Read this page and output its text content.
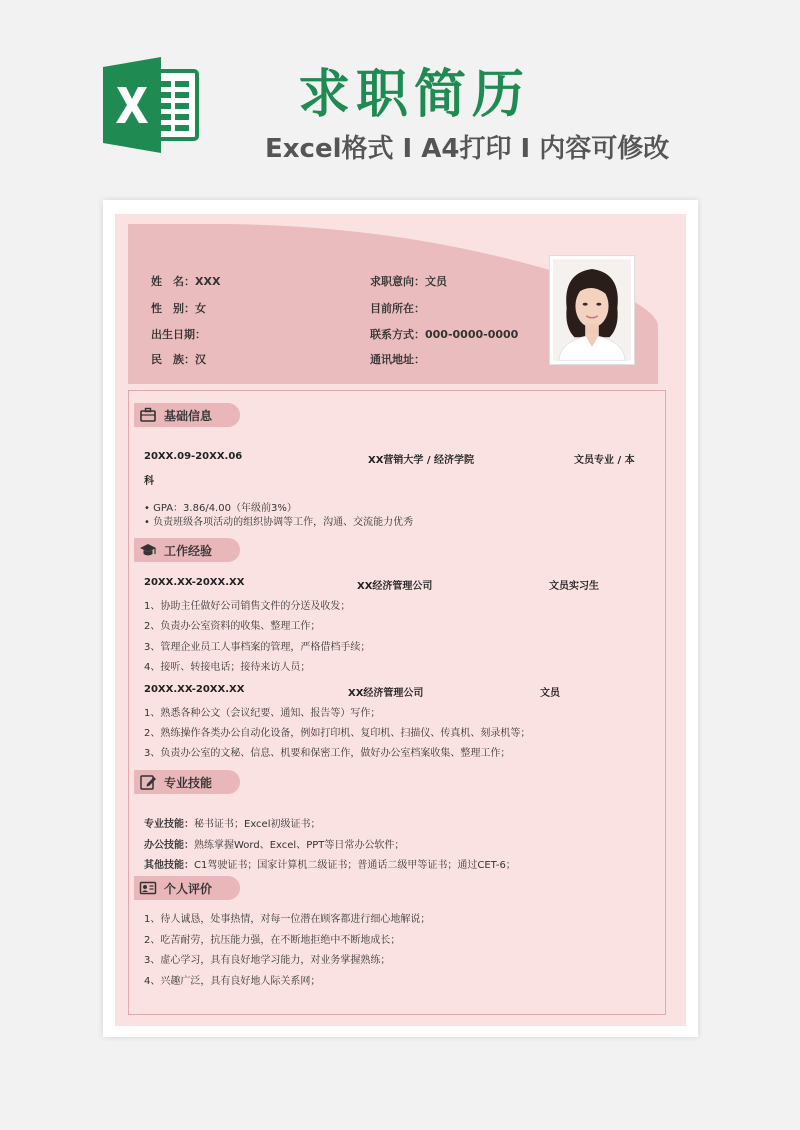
求职简历
Excel格式 I A4打印 I 内容可修改
姓　名：XXX
性　别：女
出生日期：
民　族：汉
求职意向：文员
目前所在：
联系方式：000-0000-0000
通讯地址：
基础信息
20XX.09-20XX.06	XX营销大学 / 经济学院	文员专业 / 本
科
• GPA：3.86/4.00（年级前3%）
• 负责班级各项活动的组织协调等工作，沟通、交流能力优秀
工作经验
20XX.XX-20XX.XX	XX经济管理公司	文员实习生
1、协助主任做好公司销售文件的分送及收发；
2、负责办公室资料的收集、整理工作；
3、管理企业员工人事档案的管理，严格借档手续；
4、接听、转接电话；接待来访人员；
20XX.XX-20XX.XX	XX经济管理公司	文员
1、熟悉各种公文（会议纪要、通知、报告等）写作；
2、熟练操作各类办公自动化设备，例如打印机、复印机、扫描仪、传真机、刻录机等；
3、负责办公室的文秘、信息、机要和保密工作，做好办公室档案收集、整理工作；
专业技能
专业技能：秘书证书；Excel初级证书；
办公技能：熟练掌握Word、Excel、PPT等日常办公软件；
其他技能：C1驾驶证书；国家计算机二级证书；普通话二级甲等证书；通过CET-6；
个人评价
1、待人诚恳，处事热情，对每一位潜在顾客都进行细心地解说；
2、吃苦耐劳，抗压能力强，在不断地拒绝中不断地成长；
3、虚心学习，具有良好地学习能力，对业务掌握熟练；
4、兴趣广泛，具有良好地人际关系网；
